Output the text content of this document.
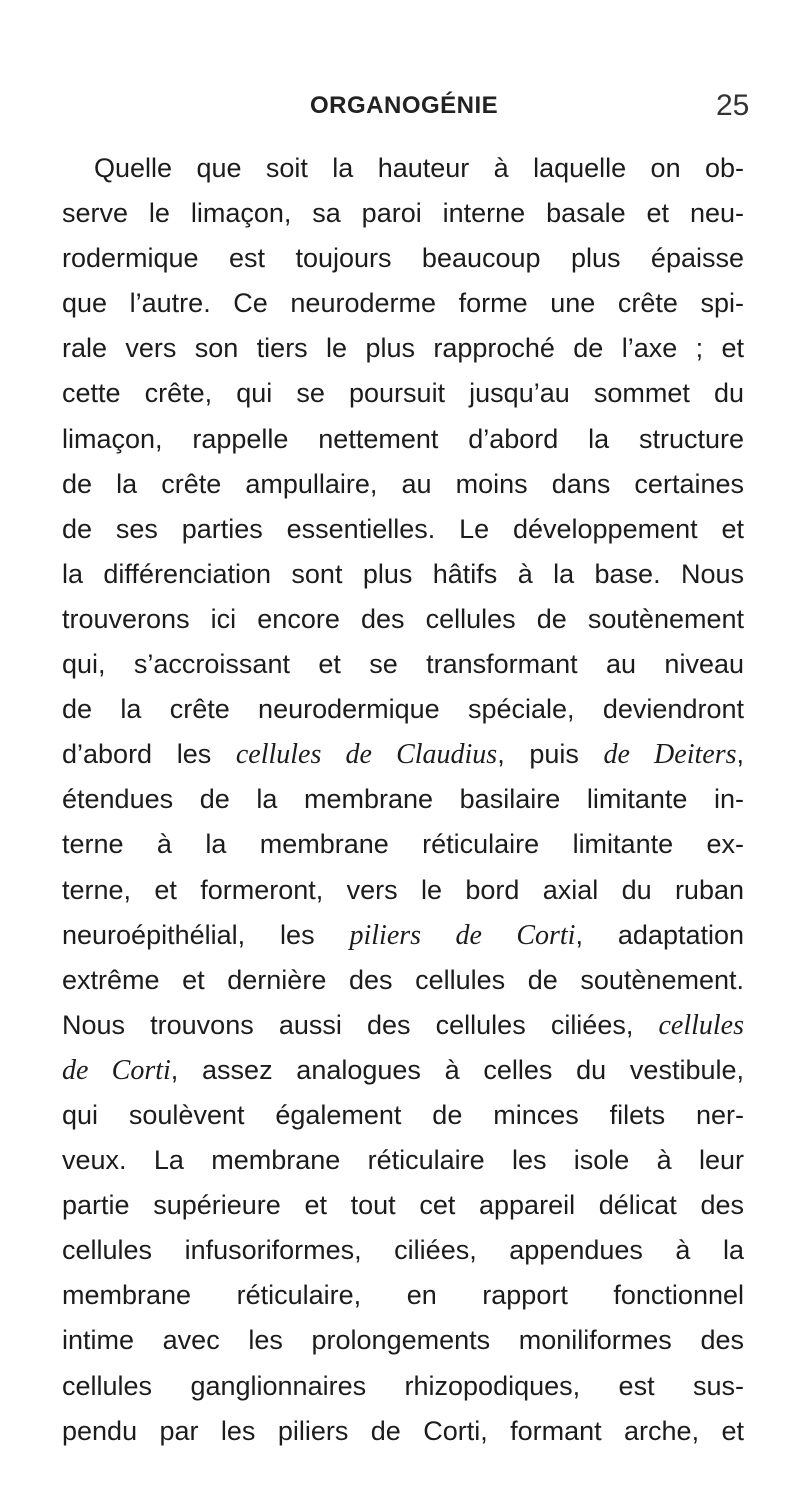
ORGANOGÉNIE	25
Quelle que soit la hauteur à laquelle on ob-
serve le limaçon, sa paroi interne basale et neu-
rodermique est toujours beaucoup plus épaisse
que l’autre. Ce neuroderme forme une crête spi-
rale vers son tiers le plus rapproché de l’axe ; et
cette crête, qui se poursuit jusqu’au sommet du
limaçon, rappelle nettement d’abord la structure
de la crête ampullaire, au moins dans certaines
de ses parties essentielles. Le développement et
la différenciation sont plus hâtifs à la base. Nous
trouverons ici encore des cellules de soutènement
qui, s’accroissant et se transformant au niveau
de la crête neurodermique spéciale, deviendront
d’abord les cellules de Claudius, puis de Deiters,
étendues de la membrane basilaire limitante in-
terne à la membrane réticulaire limitante ex-
terne, et formeront, vers le bord axial du ruban
neuroépithélial, les piliers de Corti, adaptation
extrême et dernière des cellules de soutènement.
Nous trouvons aussi des cellules ciliées, cellules
de Corti, assez analogues à celles du vestibule,
qui soulèvent également de minces filets ner-
veux. La membrane réticulaire les isole à leur
partie supérieure et tout cet appareil délicat des
cellules infusoriformes, ciliées, appendues à la
membrane réticulaire, en rapport fonctionnel
intime avec les prolongements moniliformes des
cellules ganglionnaires rhizopodiques, est sus-
pendu par les piliers de Corti, formant arche, et
